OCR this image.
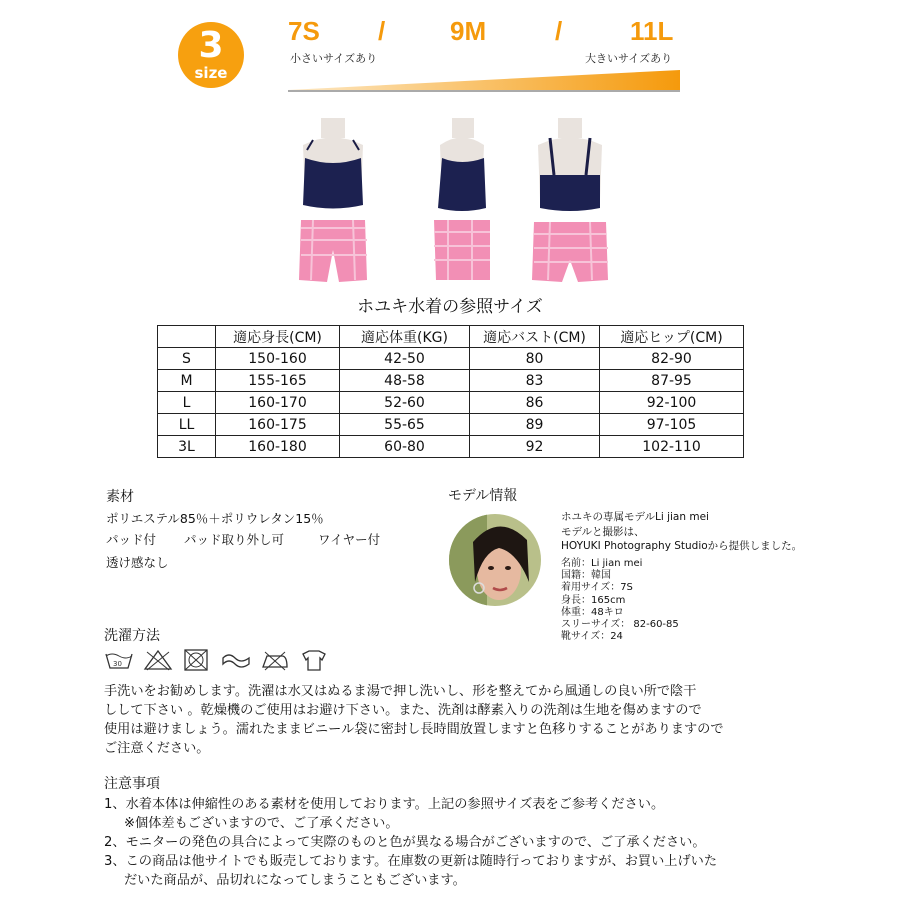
3
size
7S / 9M	/	11L
小さいサイズあり	大きいサイズあり
ホユキ水着の参照サイズ
	適応身長(CM)	適応体重(KG)	適応バスト(CM)	適応ヒップ(CM)
S	150-160	42-50	80	82-90
M	155-165	48-58	83	87-95
L	160-170	52-60	86	92-100
LL	160-175	55-65	89	97-105
3L	160-180	60-80	92	102-110
素材
ポリエステル85％＋ポリウレタン15％
パッド付 パッド取り外し可	ワイヤー付
透け感なし
モデル情報
ホユキの専属モデルLi jian mei
モデルと撮影は、
HOYUKI Photography Studioから提供しました。
名前：Li jian mei
国籍：韓国
着用サイズ：7S
身長：165cm
体重：48キロ
スリーサイズ： 82-60-85
靴サイズ：24
洗濯方法
30

手洗いをお勧めします。洗濯は水又はぬるま湯で押し洗いし、形を整えてから風通しの良い所で陰干
しして下さい 。乾燥機のご使用はお避け下さい。また、洗剤は酵素入りの洗剤は生地を傷めますので
使用は避けましょう。濡れたままビニール袋に密封し長時間放置しますと色移りすることがありますので
ご注意ください。
注意事項
1、水着本体は伸縮性のある素材を使用しております。上記の参照サイズ表をご参考ください。
※個体差もございますので、ご了承ください。
2、モニターの発色の具合によって実際のものと色が異なる場合がございますので、ご了承ください。
3、この商品は他サイトでも販売しております。在庫数の更新は随時行っておりますが、お買い上げいた
だいた商品が、品切れになってしまうこともございます。
